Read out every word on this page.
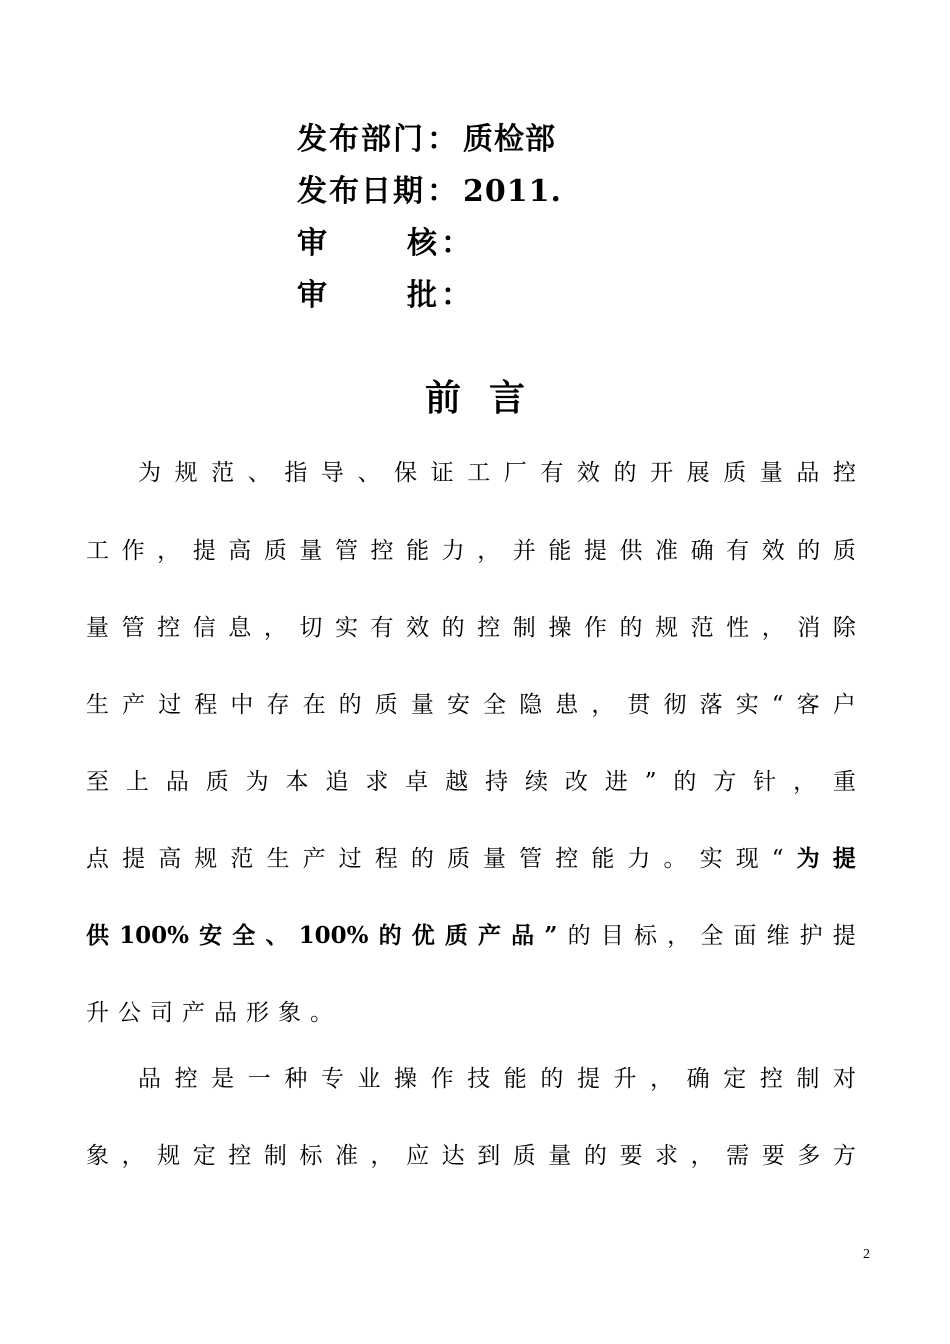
发布部门： 质检部
发布日期： 2011.
审	核 ：
审	批 ：
前言
为 规 范 、 指 导 、 保 证 工 厂 有 效 的 开 展 质 量 品 控
工 作 ， 提 高 质 量 管 控 能 力 ， 并 能 提 供 准 确 有 效 的 质
量 管 控 信 息 ， 切 实 有 效 的 控 制 操 作 的 规 范 性 ， 消 除
生 产 过 程 中 存 在 的 质 量 安 全 隐 患 ， 贯 彻 落 实 “ 客 户
至 上 品 质 为 本 追 求 卓 越 持 续 改 进 ” 的 方 针 ， 重
点 提 高 规 范 生 产 过 程 的 质 量 管 控 能 力 。 实 现 “ 为 提
供 100% 安 全 、 100% 的 优 质 产 品 ” 的 目 标 ， 全 面 维 护 提
升 公 司 产 品 形 象 。
品 控 是 一 种 专 业 操 作 技 能 的 提 升 ， 确 定 控 制 对
象 ， 规 定 控 制 标 准 ， 应 达 到 质 量 的 要 求 ， 需 要 多 方
2
